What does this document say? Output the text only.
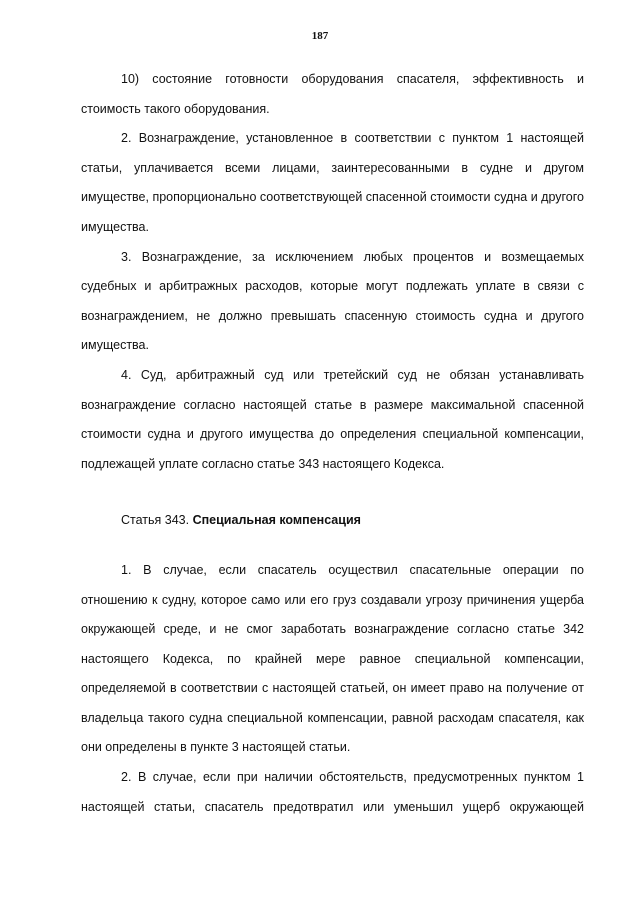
187

10) состояние готовности оборудования спасателя, эффективность и стоимость такого оборудования.

2. Вознаграждение, установленное в соответствии с пунктом 1 настоящей статьи, уплачивается всеми лицами, заинтересованными в судне и другом имуществе, пропорционально соответствующей спасенной стоимости судна и другого имущества.

3. Вознаграждение, за исключением любых процентов и возмещаемых судебных и арбитражных расходов, которые могут подлежать уплате в связи с вознаграждением, не должно превышать спасенную стоимость судна и другого имущества.

4. Суд, арбитражный суд или третейский суд не обязан устанавливать вознаграждение согласно настоящей статье в размере максимальной спасенной стоимости судна и другого имущества до определения специальной компенсации, подлежащей уплате согласно статье 343 настоящего Кодекса.

Статья 343. Специальная компенсация

1. В случае, если спасатель осуществил спасательные операции по отношению к судну, которое само или его груз создавали угрозу причинения ущерба окружающей среде, и не смог заработать вознаграждение согласно статье 342 настоящего Кодекса, по крайней мере равное специальной компенсации, определяемой в соответствии с настоящей статьей, он имеет право на получение от владельца такого судна специальной компенсации, равной расходам спасателя, как они определены в пункте 3 настоящей статьи.

2. В случае, если при наличии обстоятельств, предусмотренных пунктом 1 настоящей статьи, спасатель предотвратил или уменьшил ущерб окружающей
